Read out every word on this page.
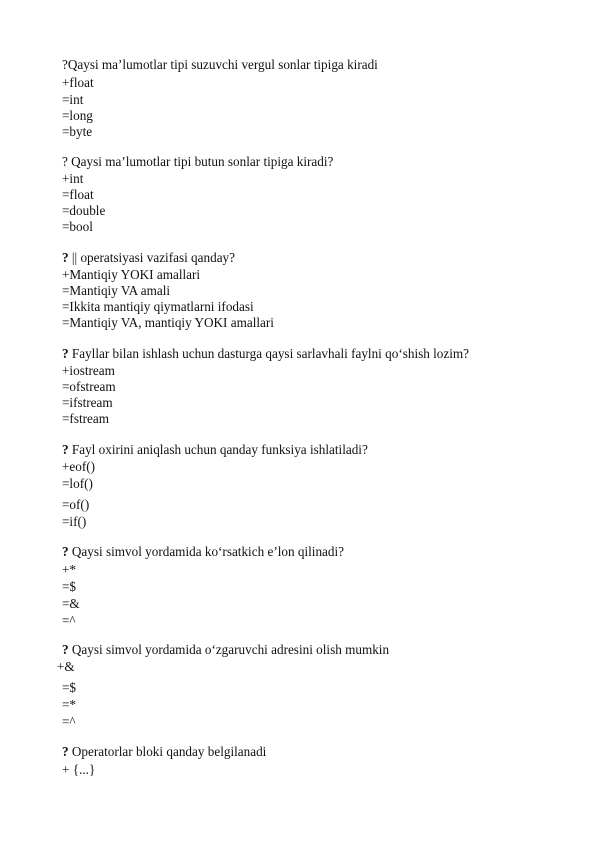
?Qaysi ma’lumotlar tipi suzuvchi vergul sonlar tipiga kiradi
+float
=int
=long
=byte
? Qaysi ma’lumotlar tipi butun sonlar tipiga kiradi?
+int
=float
=double
=bool
? || operatsiyasi vazifasi qanday?
+Mantiqiy YOKI amallari
=Mantiqiy VA amali
=Ikkita mantiqiy qiymatlarni ifodasi
=Mantiqiy VA, mantiqiy YOKI amallari
? Fayllar bilan ishlash uchun dasturga qaysi sarlavhali faylni qo‘shish lozim?
+iostream
=ofstream
=ifstream
=fstream
? Fayl oxirini aniqlash uchun qanday funksiya ishlatiladi?
+eof()
=lof()
=of()
=if()
? Qaysi simvol yordamida ko‘rsatkich e’lon qilinadi?
+*
=$
=&
=^
? Qaysi simvol yordamida o‘zgaruvchi adresini olish mumkin
+&
=$
=*
=^
? Operatorlar bloki qanday belgilanadi
+ {...}
